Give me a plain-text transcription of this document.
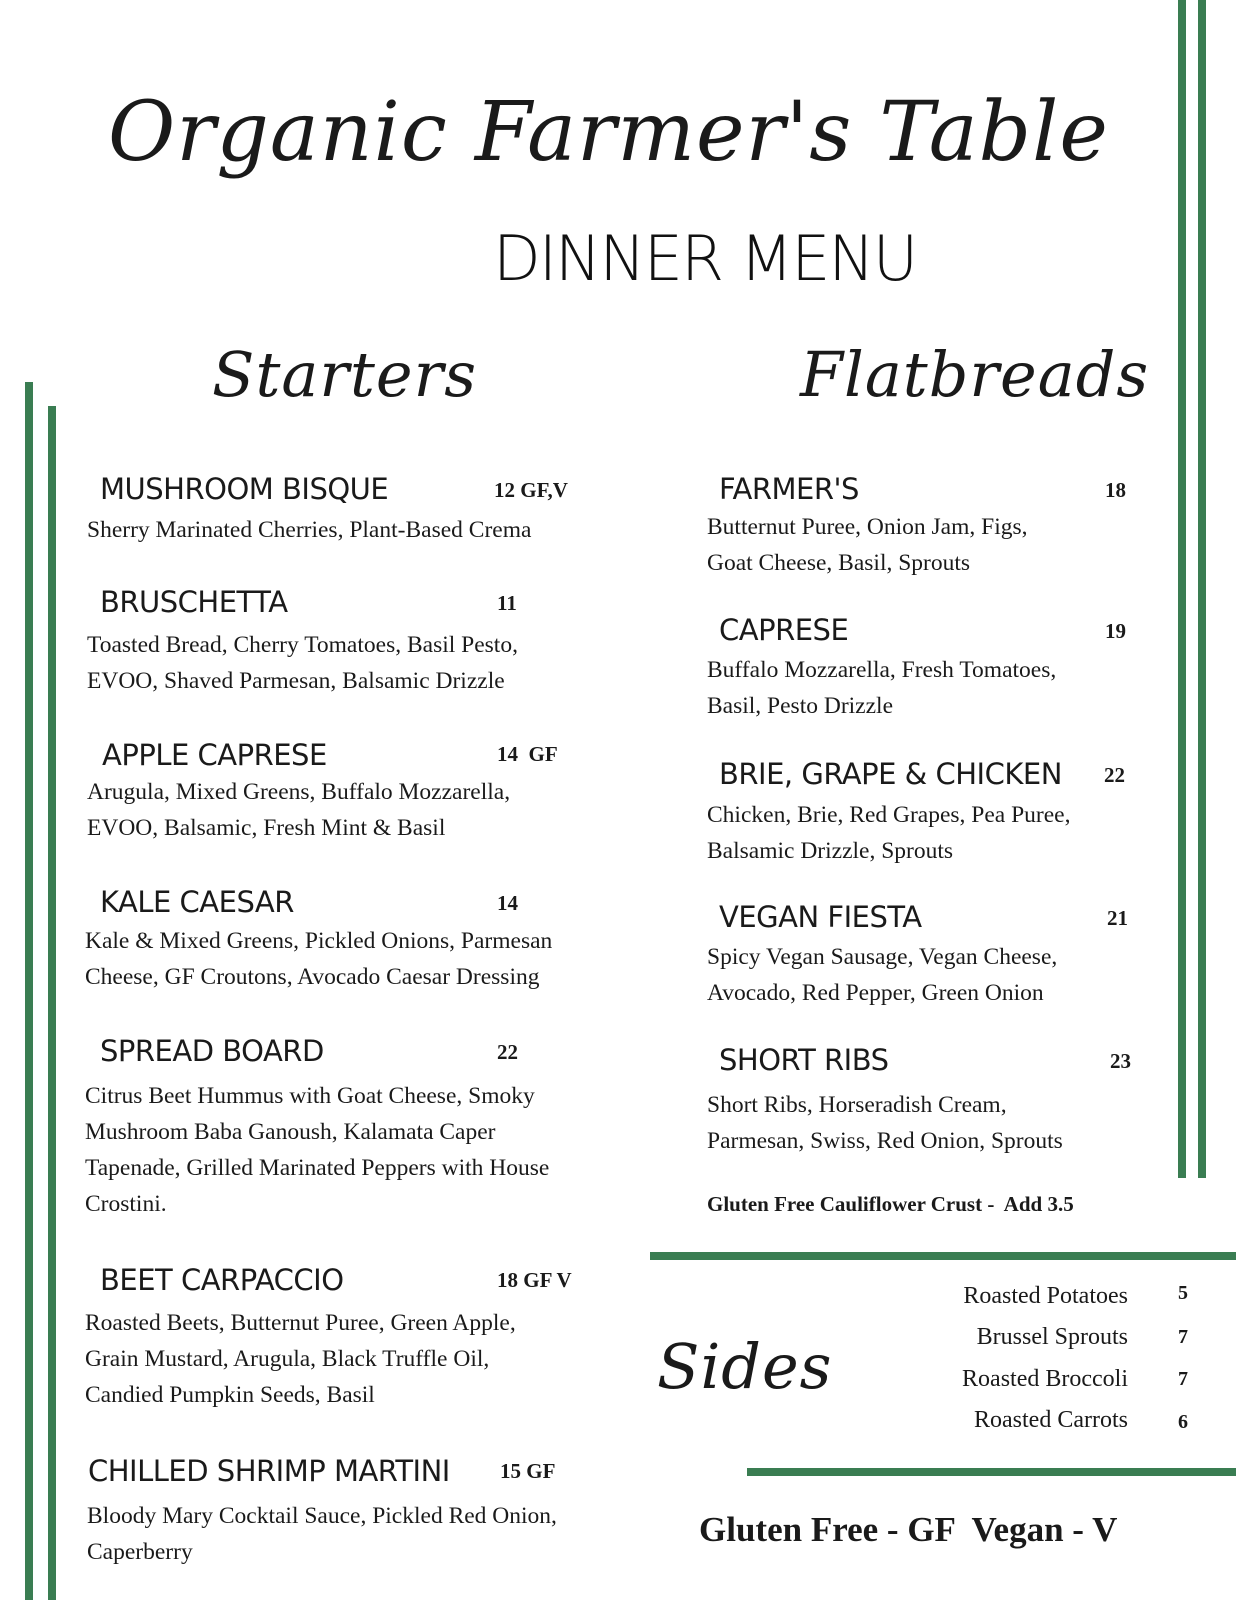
Organic Farmer's Table
DINNER MENU
Starters	Flatbreads
Sides
MUSHROOM BISQUE	12 GF,V
Sherry Marinated Cherries, Plant-Based Crema
BRUSCHETTA	11
Toasted Bread, Cherry Tomatoes, Basil Pesto,
EVOO, Shaved Parmesan, Balsamic Drizzle
APPLE CAPRESE	14  GF
Arugula, Mixed Greens, Buffalo Mozzarella,
EVOO, Balsamic, Fresh Mint & Basil
KALE CAESAR	14
Kale & Mixed Greens, Pickled Onions, Parmesan
Cheese, GF Croutons, Avocado Caesar Dressing
SPREAD BOARD	22
Citrus Beet Hummus with Goat Cheese, Smoky
Mushroom Baba Ganoush, Kalamata Caper
Tapenade, Grilled Marinated Peppers with House
Crostini.
BEET CARPACCIO	18 GF V
Roasted Beets, Butternut Puree, Green Apple,
Grain Mustard, Arugula, Black Truffle Oil,
Candied Pumpkin Seeds, Basil
CHILLED SHRIMP MARTINI 15 GF
Bloody Mary Cocktail Sauce, Pickled Red Onion,
Caperberry
FARMER'S	18
Butternut Puree, Onion Jam, Figs,
Goat Cheese, Basil, Sprouts
CAPRESE	19
Buffalo Mozzarella, Fresh Tomatoes,
Basil, Pesto Drizzle
BRIE, GRAPE & CHICKEN 22
Chicken, Brie, Red Grapes, Pea Puree,
Balsamic Drizzle, Sprouts
VEGAN FIESTA	21
Spicy Vegan Sausage, Vegan Cheese,
Avocado, Red Pepper, Green Onion
SHORT RIBS	23
Short Ribs, Horseradish Cream,
Parmesan, Swiss, Red Onion, Sprouts
Gluten Free Cauliflower Crust -  Add 3.5
Roasted Potatoes	5
Brussel Sprouts	7
Roasted Broccoli	7
Roasted Carrots	6
Gluten Free - GF  Vegan - V
